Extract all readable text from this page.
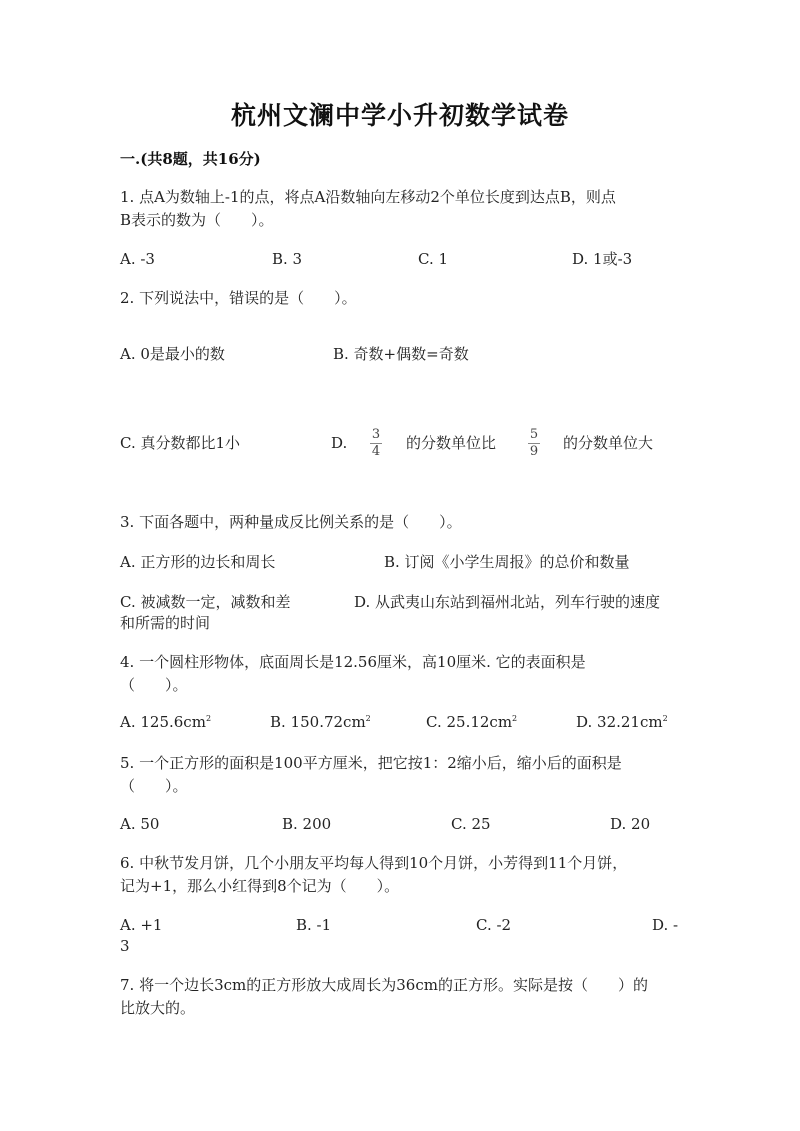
杭州文澜中学小升初数学试卷
一.(共8题，共16分)
1. 点A为数轴上-1的点，将点A沿数轴向左移动2个单位长度到达点B，则点
B表示的数为（　　）。
A. -3	B. 3	C. 1	D. 1或-3
2. 下列说法中，错误的是（　　）。
A. 0是最小的数	B. 奇数+偶数=奇数
C. 真分数都比1小	D. 3
4 的分数单位比	5
9 的分数单位大
3. 下面各题中，两种量成反比例关系的是（　　）。
A. 正方形的边长和周长	B. 订阅《小学生周报》的总价和数量
C. 被减数一定，减数和差	D. 从武夷山东站到福州北站，列车行驶的速度
和所需的时间
4. 一个圆柱形物体，底面周长是12.56厘米，高10厘米. 它的表面积是
（　　）。
A. $125.6cm^2$	B. $150.72cm^2$	C. $25.12cm^2$	D. $32.21cm^2$
5. 一个正方形的面积是100平方厘米，把它按1：2缩小后，缩小后的面积是
（　　）。
A. 50	B. 200	C. 25	D. 20
6. 中秋节发月饼，几个小朋友平均每人得到10个月饼，小芳得到11个月饼，
记为+1，那么小红得到8个记为（　　）。
A. +1	B. -1	C. -2	D. -
3
7. 将一个边长3cm的正方形放大成周长为36cm的正方形。实际是按（　　）的
比放大的。
